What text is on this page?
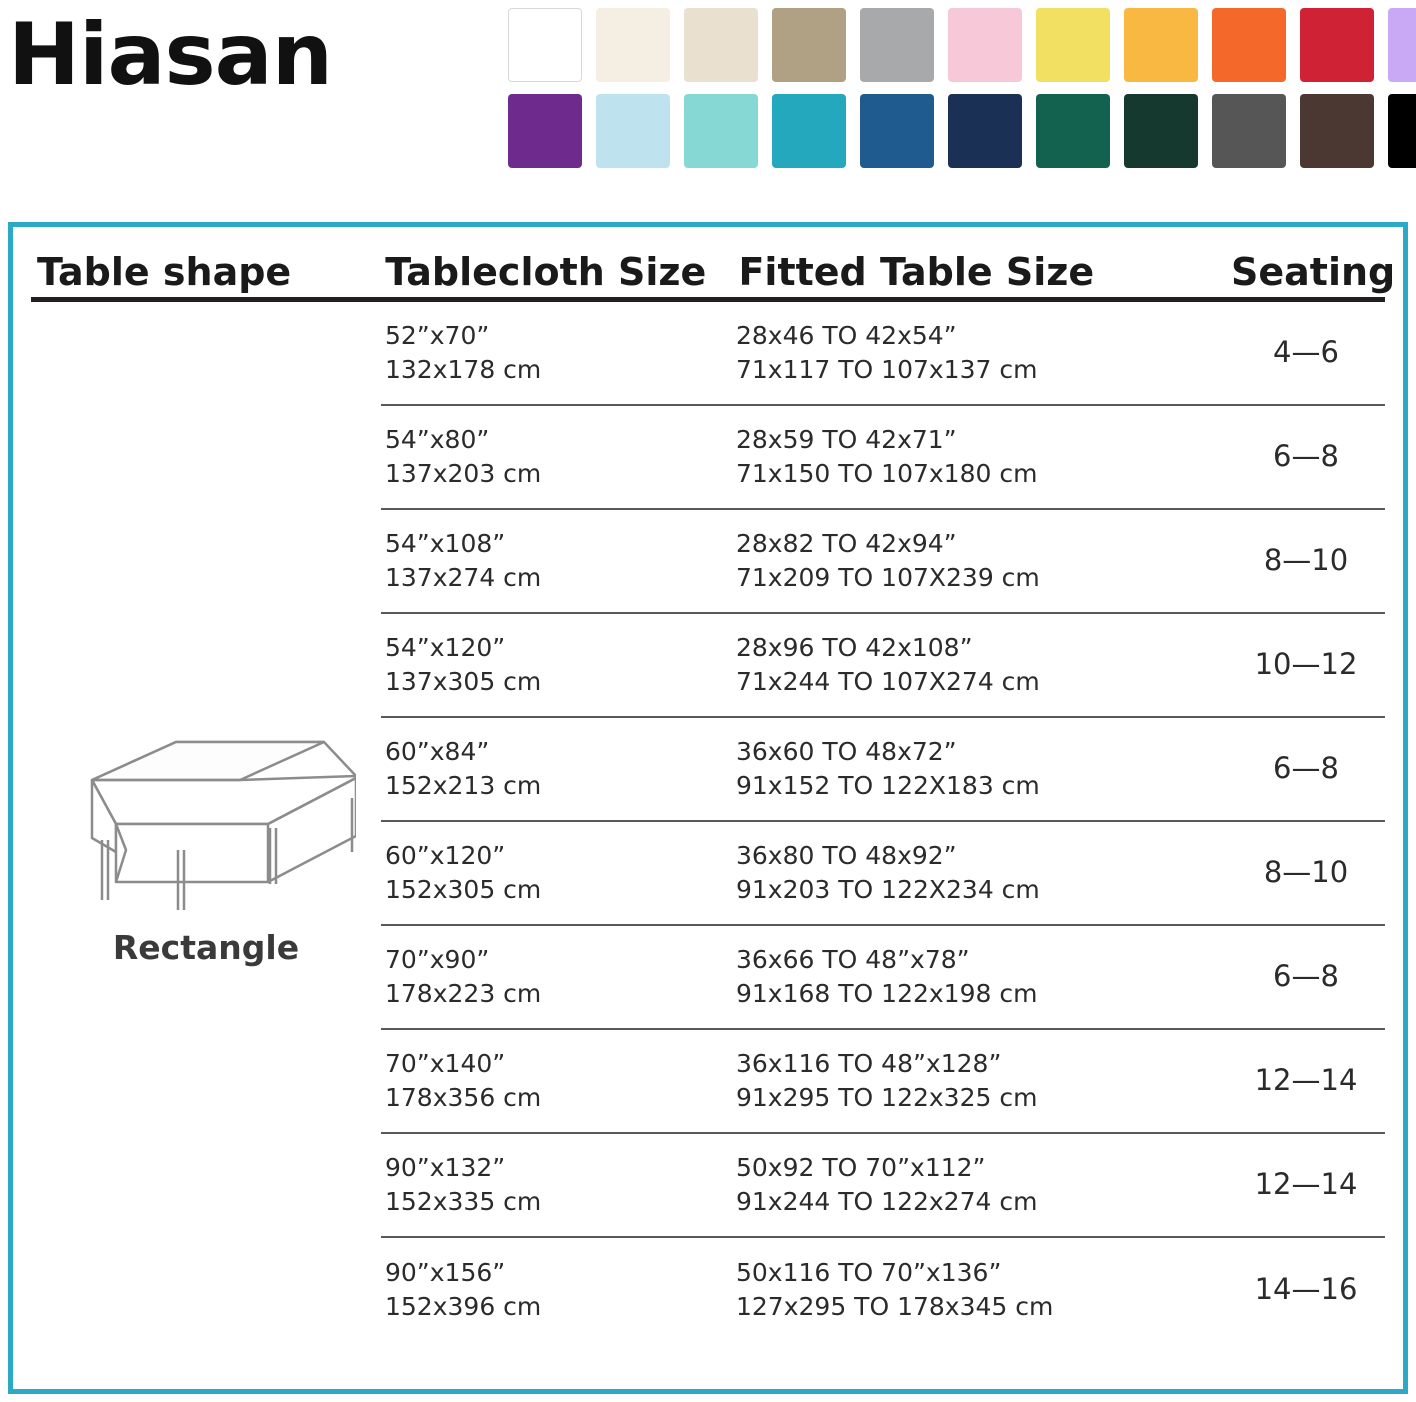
Hiasan
Table shape	Tablecloth Size Fitted Table Size	Seating
Rectangle
52”x70”
132x178 cm
28x46 TO 42x54”
71x117 TO 107x137 cm
4—6
54”x80”
137x203 cm
28x59 TO 42x71”
71x150 TO 107x180 cm
6—8
54”x108”
137x274 cm
28x82 TO 42x94”
71x209 TO 107X239 cm
8—10
54”x120”
137x305 cm
28x96 TO 42x108”
71x244 TO 107X274 cm
10—12
60”x84”
152x213 cm
36x60 TO 48x72”
91x152 TO 122X183 cm
6—8
60”x120”
152x305 cm
36x80 TO 48x92”
91x203 TO 122X234 cm
8—10
70”x90”
178x223 cm
36x66 TO 48”x78”
91x168 TO 122x198 cm
6—8
70”x140”
178x356 cm
36x116 TO 48”x128”
91x295 TO 122x325 cm
12—14
90”x132”
152x335 cm
50x92 TO 70”x112”
91x244 TO 122x274 cm
12—14
90”x156”
152x396 cm
50x116 TO 70”x136”
127x295 TO 178x345 cm
14—16
